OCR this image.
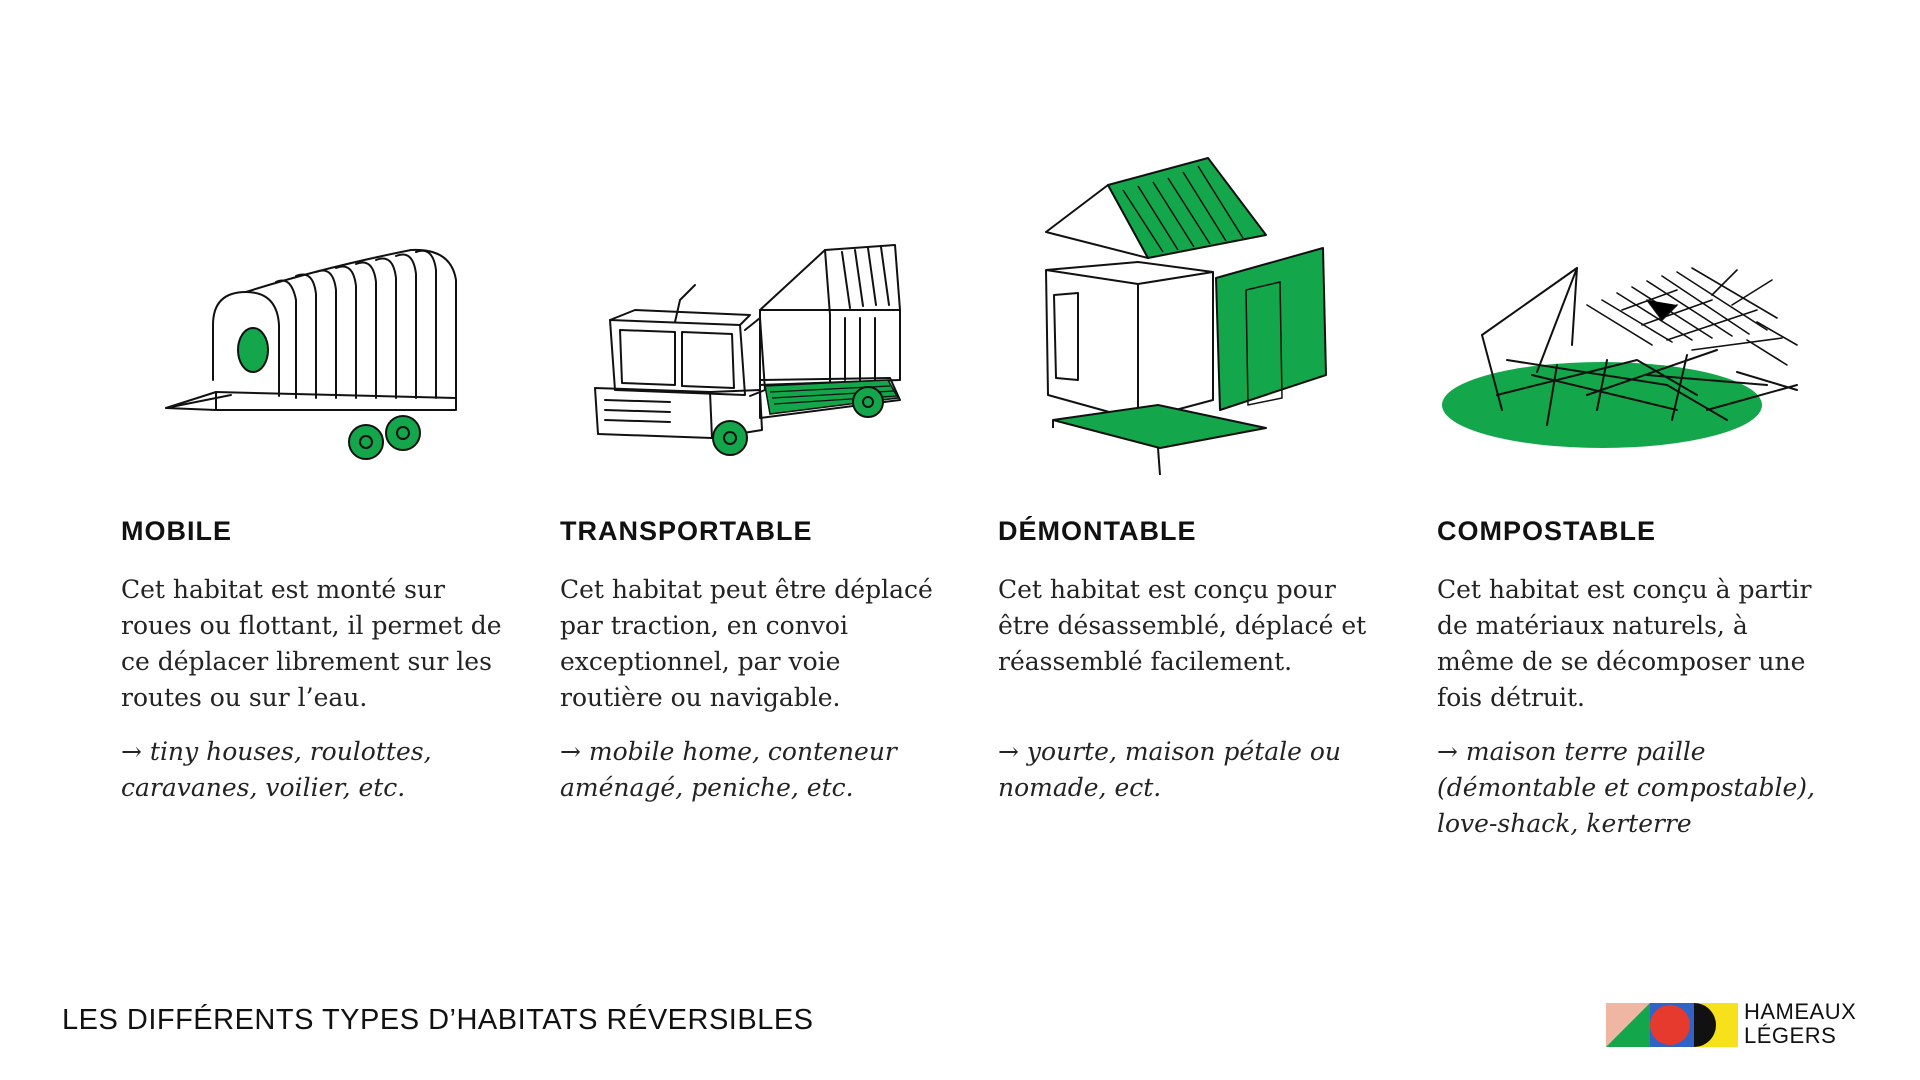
MOBILE
Cet habitat est monté sur roues ou flottant, il permet de ce déplacer librement sur les routes ou sur l’eau.
→ tiny houses, roulottes, caravanes, voilier, etc.
TRANSPORTABLE
Cet habitat peut être déplacé par traction, en convoi exceptionnel, par voie routière ou navigable.
→ mobile home, conteneur aménagé, peniche, etc.
DÉMONTABLE
Cet habitat est conçu pour être désassemblé, déplacé et réassemblé facilement.
→ yourte, maison pétale ou nomade, ect.
COMPOSTABLE
Cet habitat est conçu à partir de matériaux naturels, à même de se décomposer une fois détruit.
→ maison terre paille (démontable et compostable), love-shack, kerterre
LES DIFFÉRENTS TYPES D’HABITATS RÉVERSIBLES	HAMEAUX
LÉGERS
